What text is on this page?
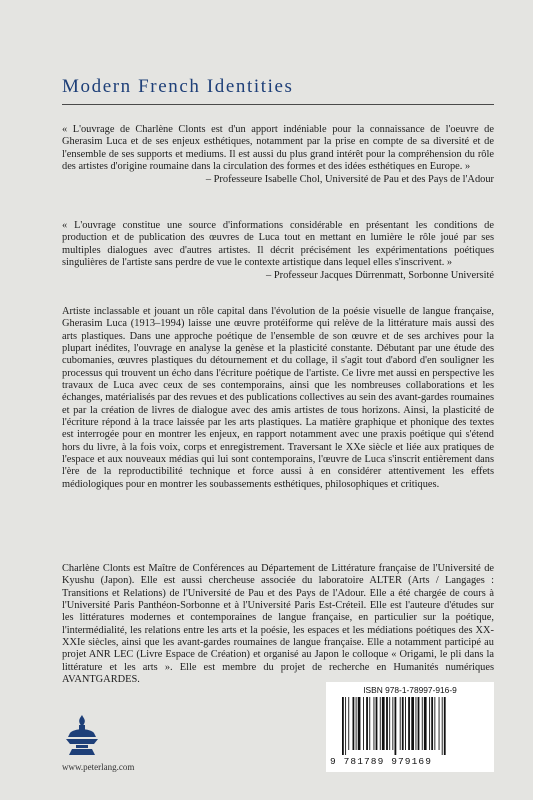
Modern French Identities

« L'ouvrage de Charlène Clonts est d'un apport indéniable pour la connaissance de l'oeuvre de Gherasim Luca et de ses enjeux esthétiques, notamment par la prise en compte de sa diversité et de l'ensemble de ses supports et mediums. Il est aussi du plus grand intérêt pour la compréhension du rôle des artistes d'origine roumaine dans la circulation des formes et des idées esthétiques en Europe. »

– Professeure Isabelle Chol, Université de Pau et des Pays de l'Adour

« L'ouvrage constitue une source d'informations considérable en présentant les conditions de production et de publication des œuvres de Luca tout en mettant en lumière le rôle joué par ses multiples dialogues avec d'autres artistes. Il décrit précisément les expérimentations poétiques singulières de l'artiste sans perdre de vue le contexte artistique dans lequel elles s'inscrivent. »

– Professeur Jacques Dürrenmatt, Sorbonne Université

Artiste inclassable et jouant un rôle capital dans l'évolution de la poésie visuelle de langue française, Gherasim Luca (1913–1994) laisse une œuvre protéiforme qui relève de la littérature mais aussi des arts plastiques. Dans une approche poétique de l'ensemble de son œuvre et de ses archives pour la plupart inédites, l'ouvrage en analyse la genèse et la plasticité constante. Débutant par une étude des cubomanies, œuvres plastiques du détournement et du collage, il s'agit tout d'abord d'en souligner les processus qui trouvent un écho dans l'écriture poétique de l'artiste. Ce livre met aussi en perspective les travaux de Luca avec ceux de ses contemporains, ainsi que les nombreuses collaborations et les échanges, matérialisés par des revues et des publications collectives au sein des avant-gardes roumaines et par la création de livres de dialogue avec des amis artistes de tous horizons. Ainsi, la plasticité de l'écriture répond à la trace laissée par les arts plastiques. La matière graphique et phonique des textes est interrogée pour en montrer les enjeux, en rapport notamment avec une praxis poétique qui s'étend hors du livre, à la fois voix, corps et enregistrement. Traversant le XXe siècle et liée aux pratiques de l'espace et aux nouveaux médias qui lui sont contemporains, l'œuvre de Luca s'inscrit entièrement dans l'ère de la reproductibilité technique et force aussi à en considérer attentivement les effets médiologiques pour en montrer les soubassements esthétiques, philosophiques et critiques.

Charlène Clonts est Maître de Conférences au Département de Littérature française de l'Université de Kyushu (Japon). Elle est aussi chercheuse associée du laboratoire ALTER (Arts / Langages : Transitions et Relations) de l'Université de Pau et des Pays de l'Adour. Elle a été chargée de cours à l'Université Paris Panthéon-Sorbonne et à l'Université Paris Est-Créteil. Elle est l'auteure d'études sur les littératures modernes et contemporaines de langue française, en particulier sur la poétique, l'intermédialité, les relations entre les arts et la poésie, les espaces et les médiations poétiques des XX-XXIe siècles, ainsi que les avant-gardes roumaines de langue française. Elle a notamment participé au projet ANR LEC (Livre Espace de Création) et organisé au Japon le colloque « Origami, le pli dans la littérature et les arts ». Elle est membre du projet de recherche en Humanités numériques AVANTGARDES.

ISBN 978-1-78997-916-9
9 781789 979169
www.peterlang.com
